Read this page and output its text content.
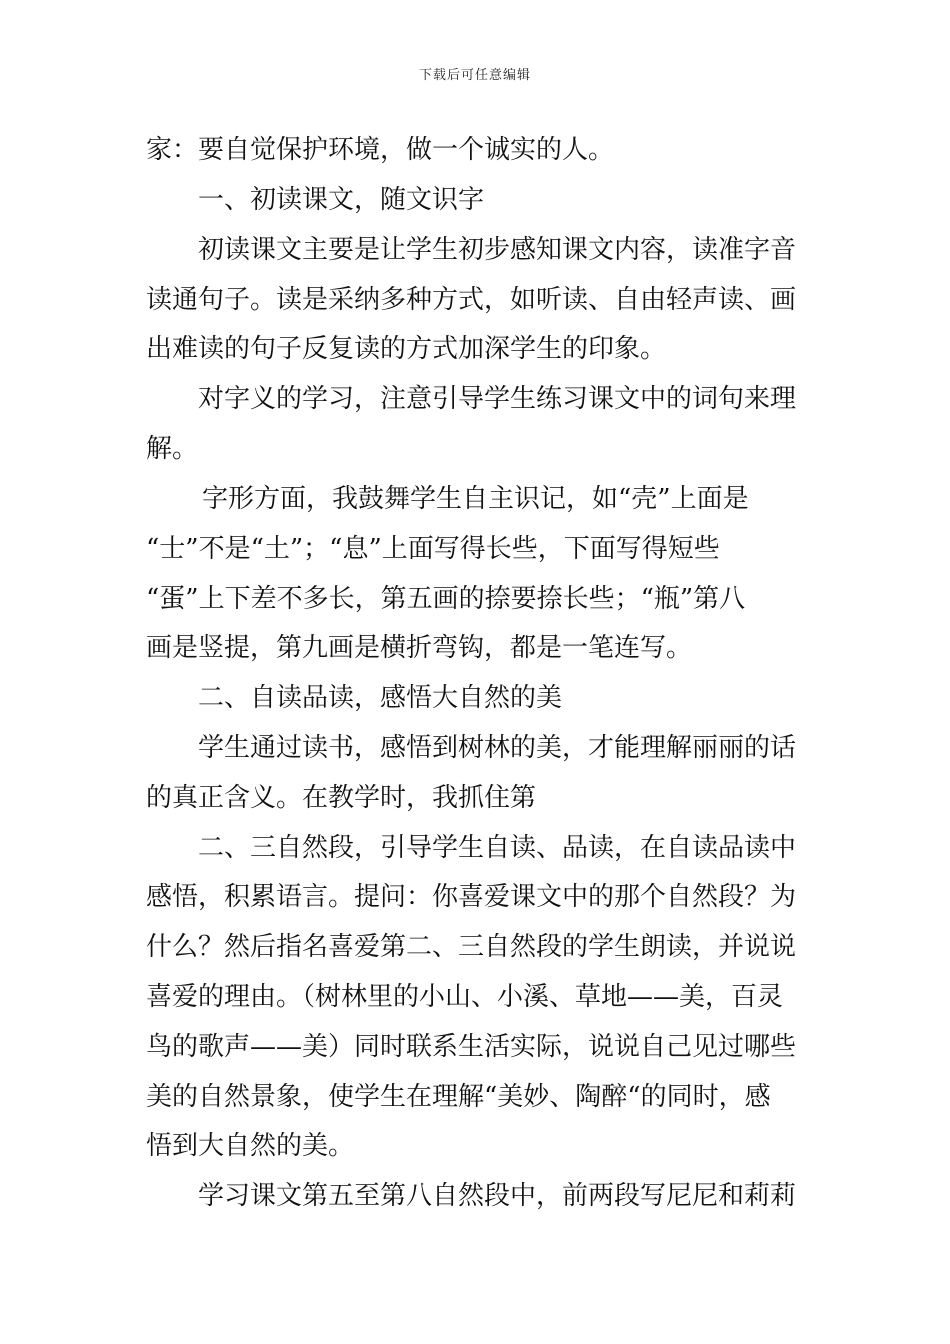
下载后可任意编辑
家：要自觉保护环境，做一个诚实的人。
一、初读课文，随文识字
初读课文主要是让学生初步感知课文内容，读准字音
读通句子。读是采纳多种方式，如听读、自由轻声读、画
出难读的句子反复读的方式加深学生的印象。
对字义的学习，注意引导学生练习课文中的词句来理
解。
字形方面，我鼓舞学生自主识记，如“壳”上面是
“士”不是“土”；“息”上面写得长些，下面写得短些
“蛋”上下差不多长，第五画的捺要捺长些；“瓶”第八
画是竖提，第九画是横折弯钩，都是一笔连写。
二、自读品读，感悟大自然的美
学生通过读书，感悟到树林的美，才能理解丽丽的话
的真正含义。在教学时，我抓住第
二、三自然段，引导学生自读、品读，在自读品读中
感悟，积累语言。提问：你喜爱课文中的那个自然段？为
什么？然后指名喜爱第二、三自然段的学生朗读，并说说
喜爱的理由。（树林里的小山、小溪、草地——美，百灵
鸟的歌声——美）同时联系生活实际，说说自己见过哪些
美的自然景象，使学生在理解“美妙、陶醉“的同时，感
悟到大自然的美。
学习课文第五至第八自然段中，前两段写尼尼和莉莉
